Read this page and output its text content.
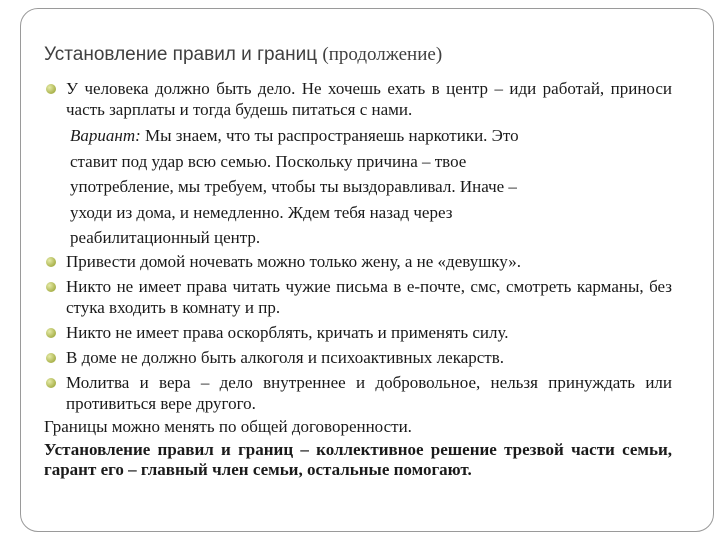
Установление правил и границ (продолжение)

У человека должно быть дело. Не хочешь ехать в центр – иди работай, приноси часть зарплаты и тогда будешь питаться с нами.

Вариант: Мы знаем, что ты распространяешь наркотики. Это
ставит под удар всю семью. Поскольку причина – твое
употребление, мы требуем, чтобы ты выздоравливал. Иначе –
уходи из дома, и немедленно. Ждем тебя назад через
реабилитационный центр.

Привести домой ночевать можно только жену, а не «девушку».

Никто не имеет права читать чужие письма в е-почте, смс, смотреть карманы, без стука входить в комнату и пр.

Никто не имеет права оскорблять, кричать и применять силу.

В доме не должно быть алкоголя и психоактивных лекарств.

Молитва и вера – дело внутреннее и добровольное, нельзя принуждать или противиться вере другого.

Границы можно менять по общей договоренности.

Установление правил и границ – коллективное решение трезвой части семьи, гарант его – главный член семьи, остальные помогают.
